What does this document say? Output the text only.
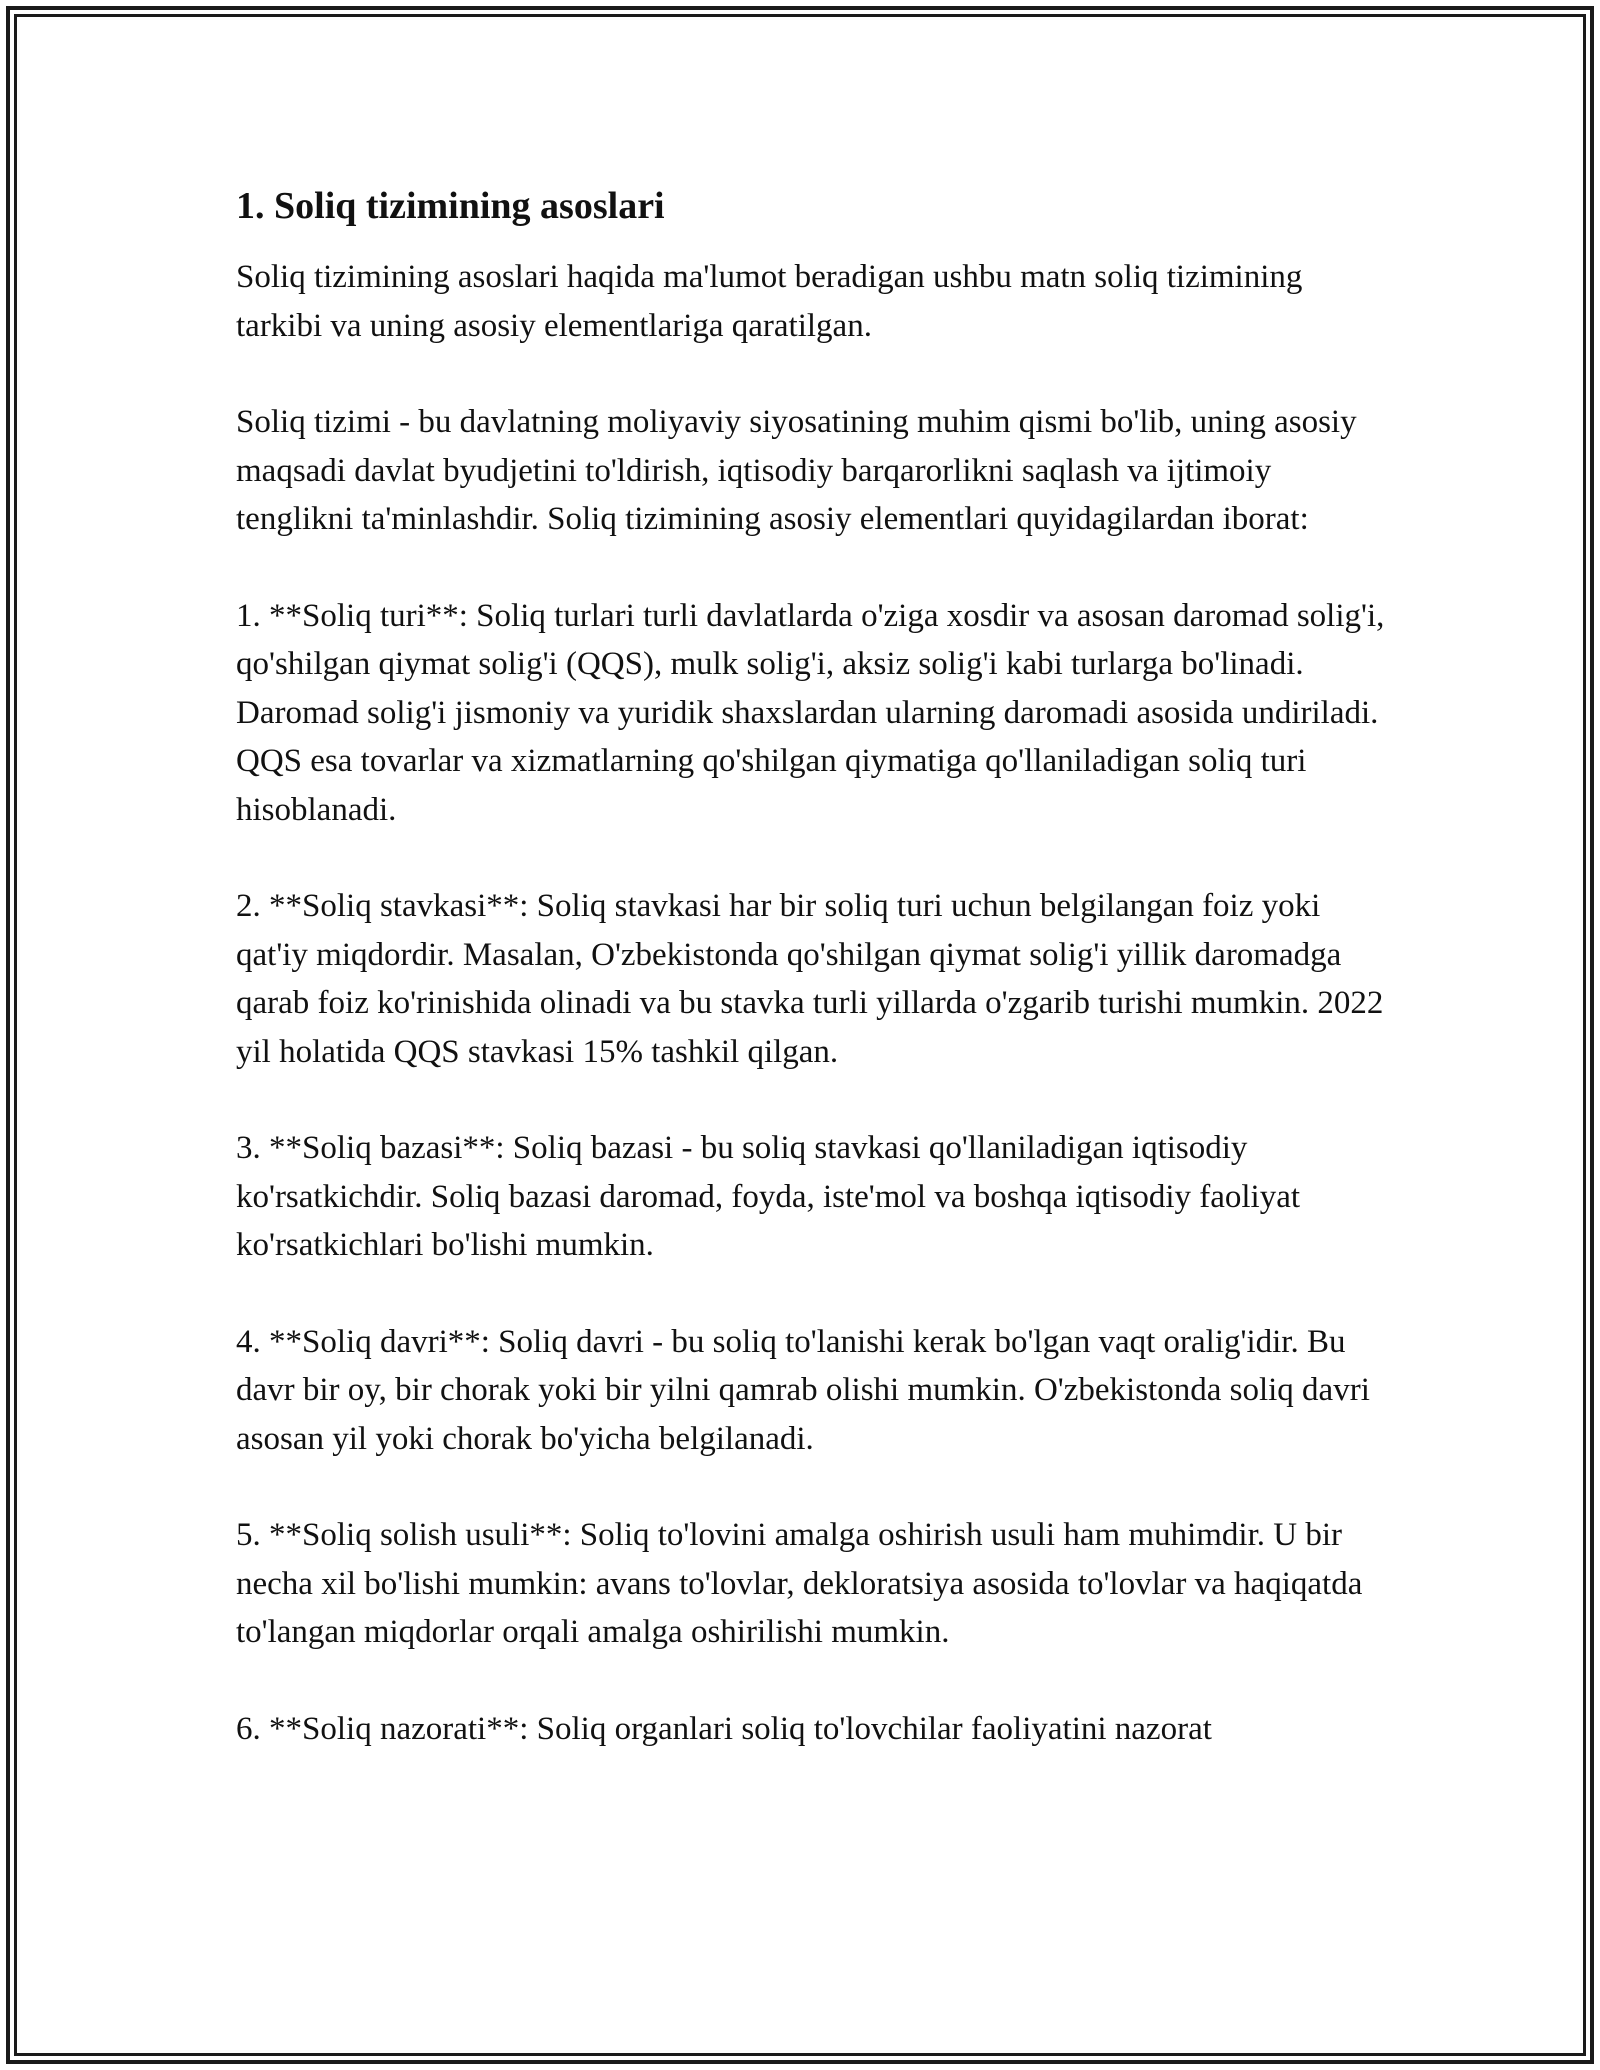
1. Soliq tizimining asoslari

Soliq tizimining asoslari haqida ma'lumot beradigan ushbu matn soliq tizimining tarkibi va uning asosiy elementlariga qaratilgan.

Soliq tizimi - bu davlatning moliyaviy siyosatining muhim qismi bo'lib, uning asosiy maqsadi davlat byudjetini to'ldirish, iqtisodiy barqarorlikni saqlash va ijtimoiy tenglikni ta'minlashdir. Soliq tizimining asosiy elementlari quyidagilardan iborat:

1. **Soliq turi**: Soliq turlari turli davlatlarda o'ziga xosdir va asosan daromad solig'i, qo'shilgan qiymat solig'i (QQS), mulk solig'i, aksiz solig'i kabi turlarga bo'linadi. Daromad solig'i jismoniy va yuridik shaxslardan ularning daromadi asosida undiriladi. QQS esa tovarlar va xizmatlarning qo'shilgan qiymatiga qo'llaniladigan soliq turi hisoblanadi.

2. **Soliq stavkasi**: Soliq stavkasi har bir soliq turi uchun belgilangan foiz yoki qat'iy miqdordir. Masalan, O'zbekistonda qo'shilgan qiymat solig'i yillik daromadga qarab foiz ko'rinishida olinadi va bu stavka turli yillarda o'zgarib turishi mumkin. 2022 yil holatida QQS stavkasi 15% tashkil qilgan.

3. **Soliq bazasi**: Soliq bazasi - bu soliq stavkasi qo'llaniladigan iqtisodiy ko'rsatkichdir. Soliq bazasi daromad, foyda, iste'mol va boshqa iqtisodiy faoliyat ko'rsatkichlari bo'lishi mumkin.

4. **Soliq davri**: Soliq davri - bu soliq to'lanishi kerak bo'lgan vaqt oralig'idir. Bu davr bir oy, bir chorak yoki bir yilni qamrab olishi mumkin. O'zbekistonda soliq davri asosan yil yoki chorak bo'yicha belgilanadi.

5. **Soliq solish usuli**: Soliq to'lovini amalga oshirish usuli ham muhimdir. U bir necha xil bo'lishi mumkin: avans to'lovlar, dekloratsiya asosida to'lovlar va haqiqatda to'langan miqdorlar orqali amalga oshirilishi mumkin.

6. **Soliq nazorati**: Soliq organlari soliq to'lovchilar faoliyatini nazorat
